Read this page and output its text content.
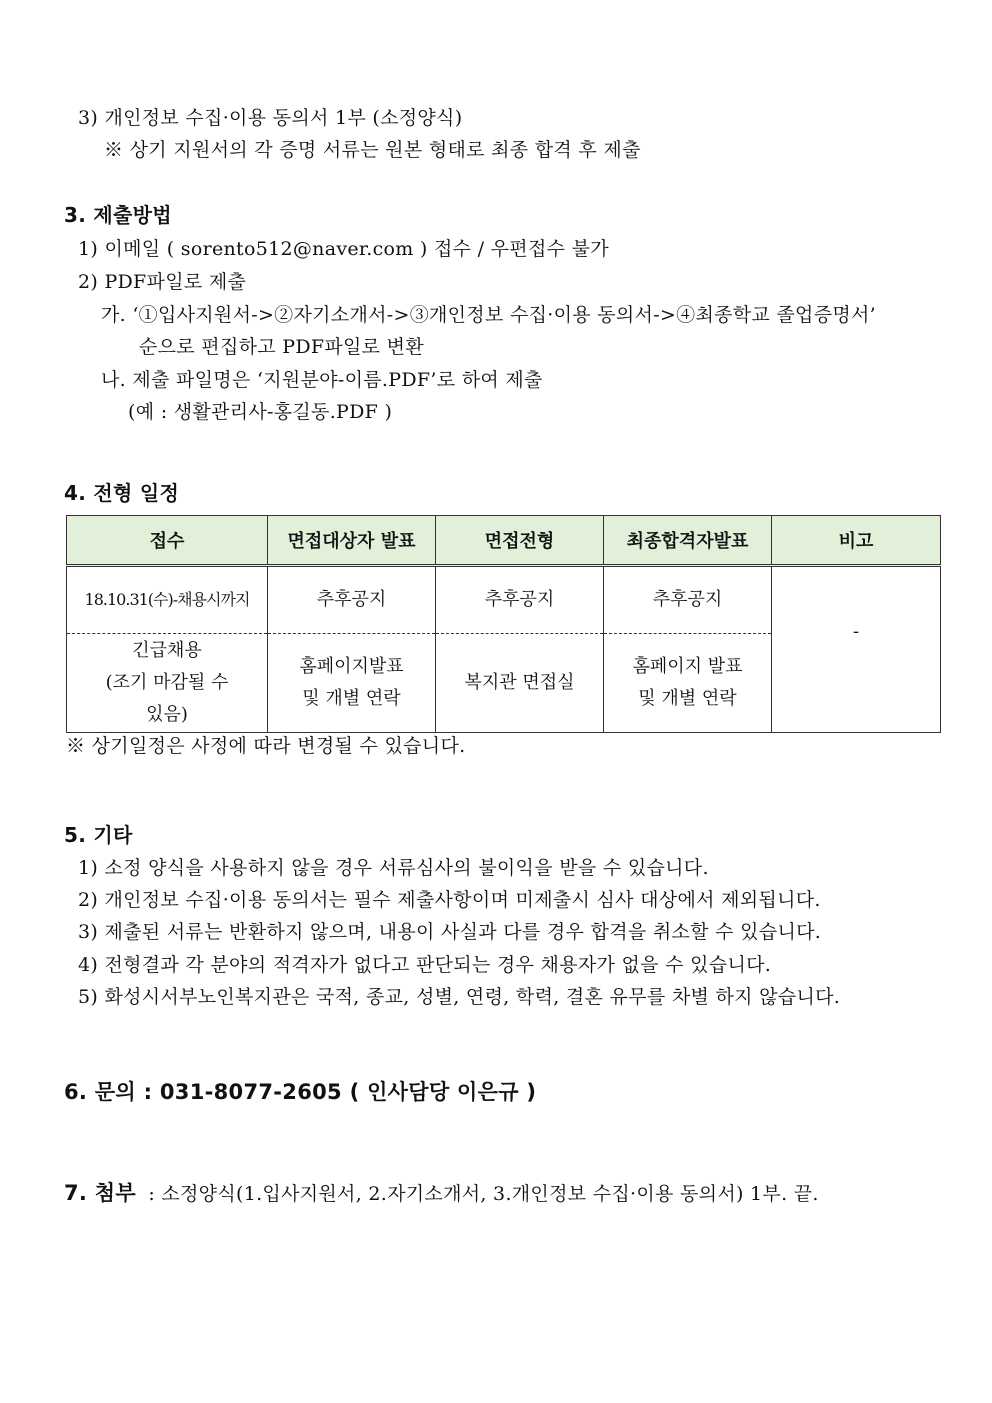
3) 개인정보 수집·이용 동의서 1부 (소정양식)
※ 상기 지원서의 각 증명 서류는 원본 형태로 최종 합격 후 제출
3. 제출방법
1) 이메일 ( sorento512@naver.com ) 접수 / 우편접수 불가
2) PDF파일로 제출
가. ‘①입사지원서->②자기소개서->③개인정보 수집·이용 동의서->④최종학교 졸업증명서’
순으로 편집하고 PDF파일로 변환
나. 제출 파일명은 ‘지원분야-이름.PDF’로 하여 제출
(예 : 생활관리사-홍길동.PDF )
4. 전형 일정
접수	면접대상자 발표	면접전형	최종합격자발표	비고
18.10.31(수)-채용시까지	추후공지	추후공지	추후공지	-

긴급채용
(조기 마감될 수
있음)	홈페이지발표
및 개별 연락	복지관 면접실	홈페이지 발표
및 개별 연락	
※ 상기일정은 사정에 따라 변경될 수 있습니다.
5. 기타
1) 소정 양식을 사용하지 않을 경우 서류심사의 불이익을 받을 수 있습니다.
2) 개인정보 수집·이용 동의서는 필수 제출사항이며 미제출시 심사 대상에서 제외됩니다.
3) 제출된 서류는 반환하지 않으며, 내용이 사실과 다를 경우 합격을 취소할 수 있습니다.
4) 전형결과 각 분야의 적격자가 없다고 판단되는 경우 채용자가 없을 수 있습니다.
5) 화성시서부노인복지관은 국적, 종교, 성별, 연령, 학력, 결혼 유무를 차별 하지 않습니다.
6. 문의 : 031-8077-2605 ( 인사담당 이은규 )
7. 첨부 : 소정양식(1.입사지원서, 2.자기소개서, 3.개인정보 수집·이용 동의서) 1부. 끝.
